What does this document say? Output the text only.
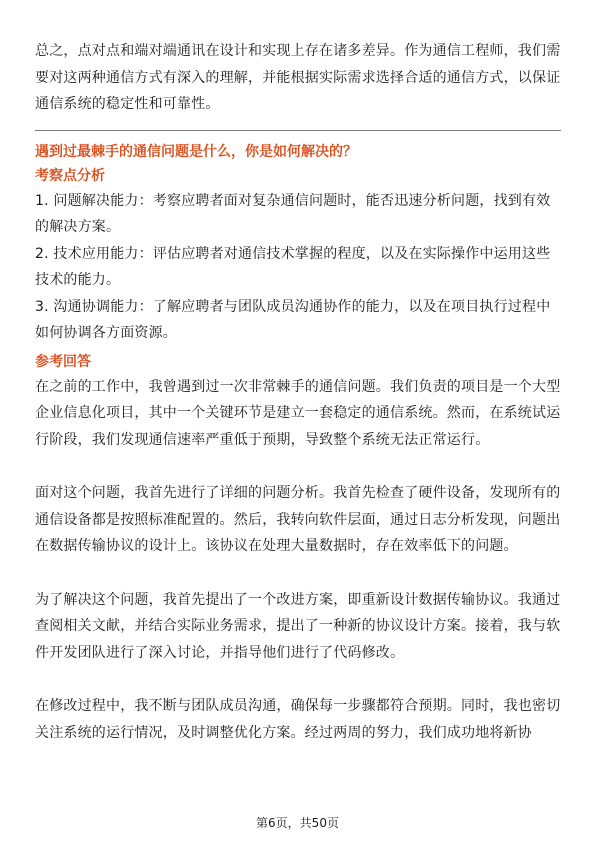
总之，点对点和端对端通讯在设计和实现上存在诸多差异。作为通信工程师，我们需要对这两种通信方式有深入的理解，并能根据实际需求选择合适的通信方式，以保证通信系统的稳定性和可靠性。

遇到过最棘手的通信问题是什么，你是如何解决的？
考察点分析

1. 问题解决能力：考察应聘者面对复杂通信问题时，能否迅速分析问题，找到有效的解决方案。

2. 技术应用能力：评估应聘者对通信技术掌握的程度，以及在实际操作中运用这些技术的能力。

3. 沟通协调能力：了解应聘者与团队成员沟通协作的能力，以及在项目执行过程中如何协调各方面资源。

参考回答

在之前的工作中，我曾遇到过一次非常棘手的通信问题。我们负责的项目是一个大型企业信息化项目，其中一个关键环节是建立一套稳定的通信系统。然而，在系统试运行阶段，我们发现通信速率严重低于预期，导致整个系统无法正常运行。

面对这个问题，我首先进行了详细的问题分析。我首先检查了硬件设备，发现所有的通信设备都是按照标准配置的。然后，我转向软件层面，通过日志分析发现，问题出在数据传输协议的设计上。该协议在处理大量数据时，存在效率低下的问题。

为了解决这个问题，我首先提出了一个改进方案，即重新设计数据传输协议。我通过查阅相关文献，并结合实际业务需求，提出了一种新的协议设计方案。接着，我与软件开发团队进行了深入讨论，并指导他们进行了代码修改。

在修改过程中，我不断与团队成员沟通，确保每一步骤都符合预期。同时，我也密切关注系统的运行情况，及时调整优化方案。经过两周的努力，我们成功地将新协

第6页，共50页
